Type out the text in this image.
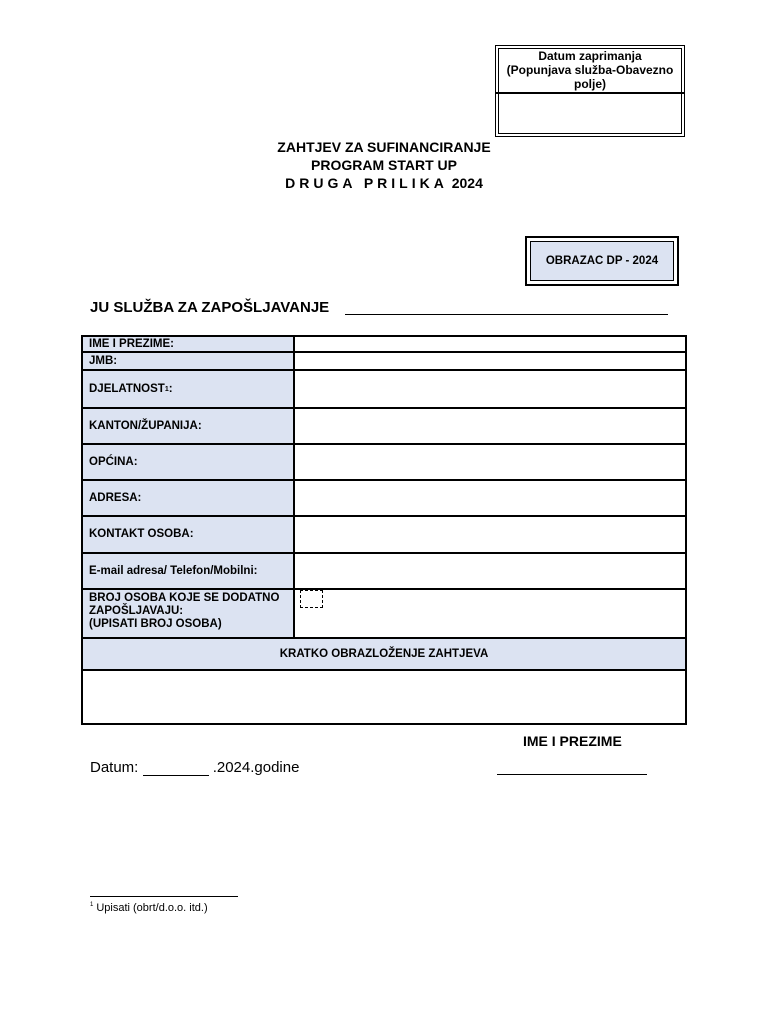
Datum zaprimanja
(Popunjava služba-Obavezno
polje)
ZAHTJEV ZA SUFINANCIRANJE
PROGRAM START UP
DRUGA PRILIKA 2024
OBRAZAC DP - 2024
JU SLUŽBA ZA ZAPOŠLJAVANJE
IME I PREZIME:
JMB:
DJELATNOST 1 :
KANTON/ŽUPANIJA:
OPĆINA:
ADRESA:
KONTAKT OSOBA:
E-mail adresa/ Telefon/Mobilni:
BROJ OSOBA KOJE SE DODATNO
ZAPOŠLJAVAJU:
(UPISATI BROJ OSOBA)
KRATKO OBRAZLOŽENJE ZAHTJEVA
IME I PREZIME
Datum:	.2024.godine
$^1$ Upisati (obrt/d.o.o. itd.)
